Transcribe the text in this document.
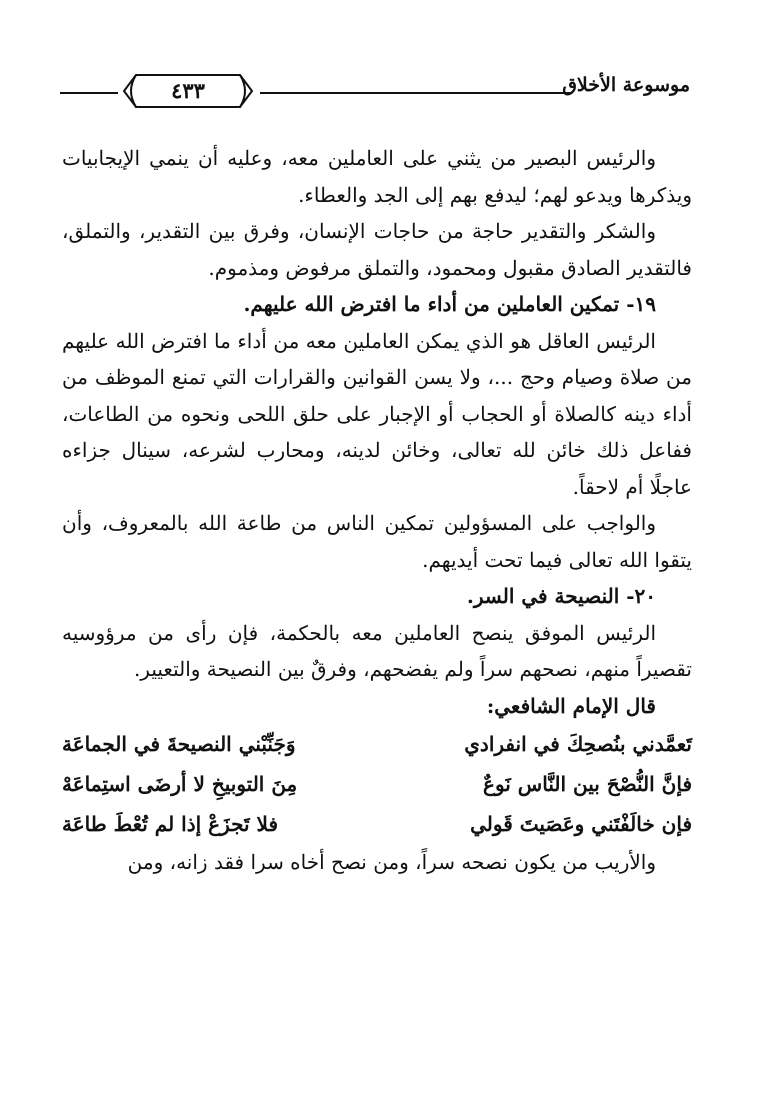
٤٣٣	موسوعة الأخلاق

والرئيس البصير من يثني على العاملين معه، وعليه أن ينمي الإيجابيات ويذكرها ويدعو لهم؛ ليدفع بهم إلى الجد والعطاء.

والشكر والتقدير حاجة من حاجات الإنسان، وفرق بين التقدير، والتملق، فالتقدير الصادق مقبول ومحمود، والتملق مرفوض ومذموم.

١٩- تمكين العاملين من أداء ما افترض الله عليهم.

الرئيس العاقل هو الذي يمكن العاملين معه من أداء ما افترض الله عليهم من صلاة وصيام وحج ...، ولا يسن القوانين والقرارات التي تمنع الموظف من أداء دينه كالصلاة أو الحجاب أو الإجبار على حلق اللحى ونحوه من الطاعات، ففاعل ذلك خائن لله تعالى، وخائن لدينه، ومحارب لشرعه، سينال جزاءه عاجلًا أم لاحقاً.

والواجب على المسؤولين تمكين الناس من طاعة الله بالمعروف، وأن يتقوا الله تعالى فيما تحت أيديهم.

٢٠- النصيحة في السر.

الرئيس الموفق ينصح العاملين معه بالحكمة، فإن رأى من مرؤوسيه تقصيراً منهم، نصحهم سراً ولم يفضحهم، وفرقٌ بين النصيحة والتعيير.

قال الإمام الشافعي:

تَعمَّدني بنُصحِكَ في انفرادي
وَجَنِّبْني النصيحةَ في الجماعَة
فإنَّ النُّصْحَ بين النَّاس نَوعٌ
مِنَ التوبيخِ لا أرضَى استِماعَهْ
فإن خالَفْتَني وعَصَيتَ قَولي
فلا تَجزَعْ إذا لم تُعْطَ طاعَة

والأريب من يكون نصحه سراً، ومن نصح أخاه سرا فقد زانه، ومن
